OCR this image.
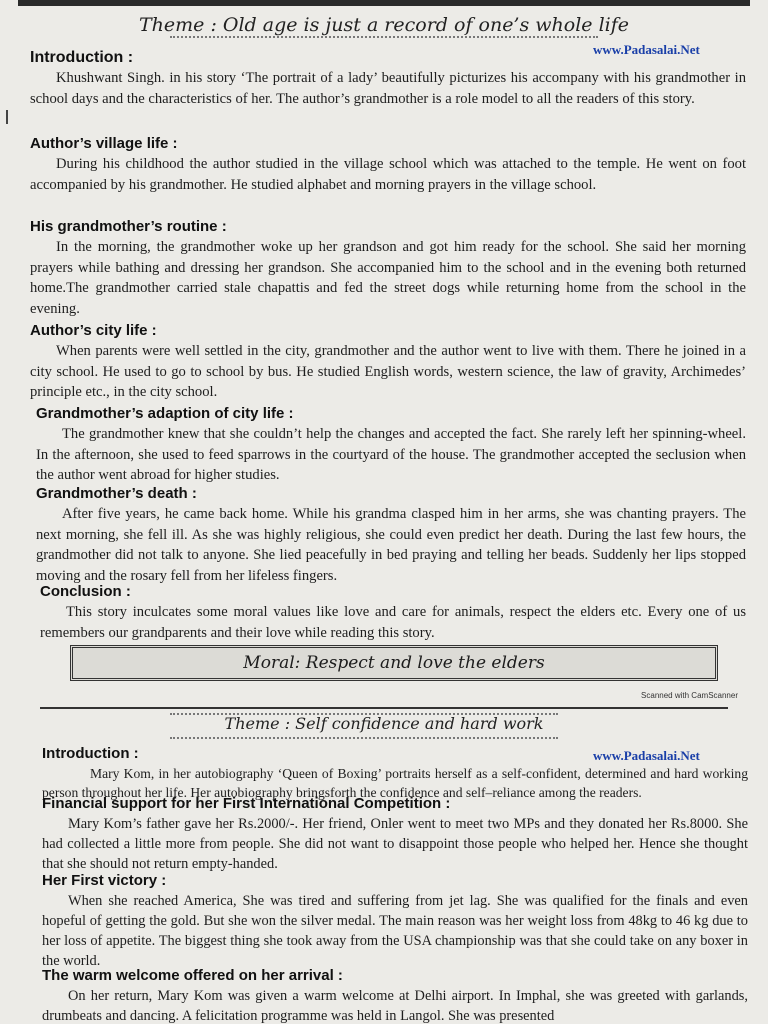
Theme : Old age is just a record of one’s whole life
www.Padasalai.Net
Introduction :

Khushwant Singh. in his story ‘The portrait of a lady’ beautifully picturizes his accompany with his grandmother in school days and the characteristics of her. The author’s grandmother is a role model to all the readers of this story.

Author’s village life :

During his childhood the author studied in the village school which was attached to the temple. He went on foot accompanied by his grandmother. He studied alphabet and morning prayers in the village school.

His grandmother’s routine :

In the morning, the grandmother woke up her grandson and got him ready for the school. She said her morning prayers while bathing and dressing her grandson. She accompanied him to the school and in the evening both returned home.The grandmother carried stale chapattis and fed the street dogs while returning home from the school in the evening.

Author’s city life :

When parents were well settled in the city, grandmother and the author went to live with them. There he joined in a city school. He used to go to school by bus. He studied English words, western science, the law of gravity, Archimedes’ principle etc., in the city school.

Grandmother’s adaption of city life :

The grandmother knew that she couldn’t help the changes and accepted the fact. She rarely left her spinning-wheel. In the afternoon, she used to feed sparrows in the courtyard of the house. The grandmother accepted the seclusion when the author went abroad for higher studies.

Grandmother’s death :

After five years, he came back home. While his grandma clasped him in her arms, she was chanting prayers. The next morning, she fell ill. As she was highly religious, she could even predict her death. During the last few hours, the grandmother did not talk to anyone. She lied peacefully in bed praying and telling her beads. Suddenly her lips stopped moving and the rosary fell from her lifeless fingers.

Conclusion :

This story inculcates some moral values like love and care for animals, respect the elders etc. Every one of us remembers our grandparents and their love while reading this story.

Moral: Respect and love the elders
Scanned with CamScanner
Theme : Self confidence and hard work
www.Padasalai.Net
Introduction :

Mary Kom, in her autobiography ‘Queen of Boxing’ portraits herself as a self-confident, determined and hard working person throughout her life. Her autobiography bringsforth the confidence and self–reliance among the readers.

Financial support for her First International Competition :

Mary Kom’s father gave her Rs.2000/-. Her friend, Onler went to meet two MPs and they donated her Rs.8000. She had collected a little more from people. She did not want to disappoint those people who helped her. Hence she thought that she should not return empty-handed.

Her First victory :

When she reached America, She was tired and suffering from jet lag. She was qualified for the finals and even hopeful of getting the gold. But she won the silver medal. The main reason was her weight loss from 48kg to 46 kg due to her loss of appetite. The biggest thing she took away from the USA championship was that she could take on any boxer in the world.

The warm welcome offered on her arrival :

On her return, Mary Kom was given a warm welcome at Delhi airport. In Imphal, she was greeted with garlands, drumbeats and dancing. A felicitation programme was held in Langol. She was presented
